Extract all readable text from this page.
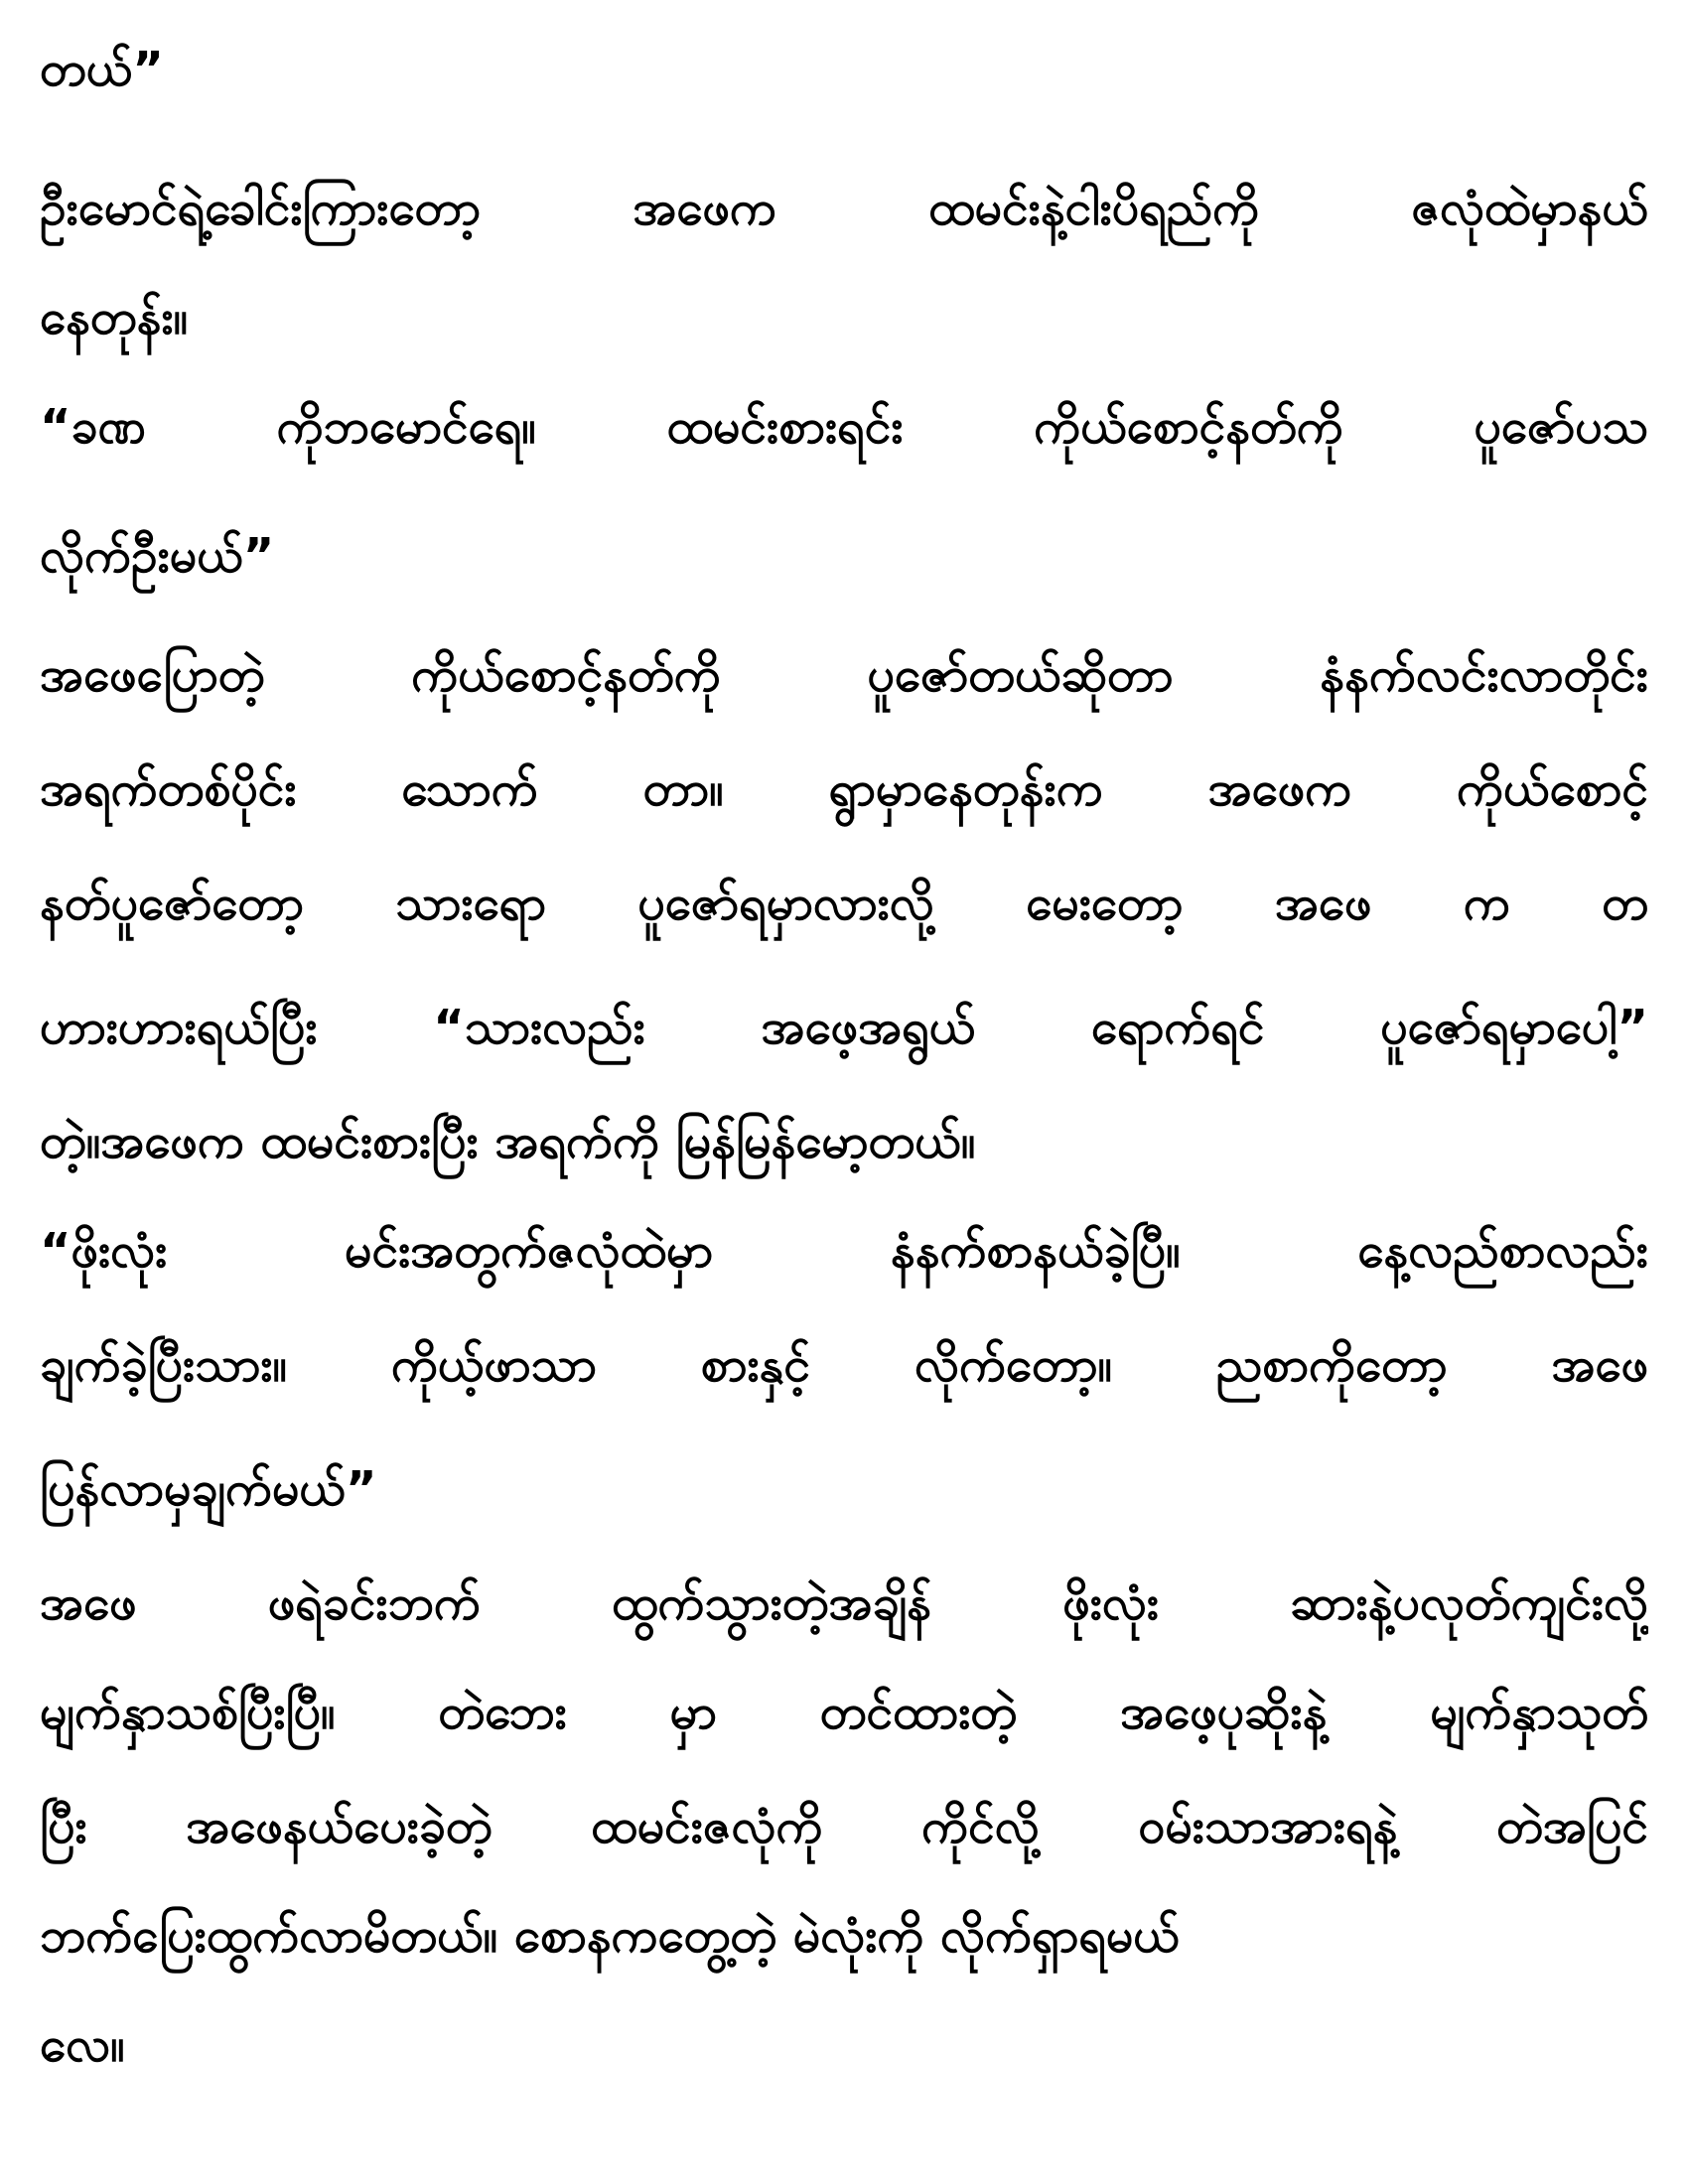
တယ်”
ဦးမောင်ရဲ့ခေါင်းကြားတော့ အဖေက ထမင်းနဲ့ငါးပိရည်ကို ဇလုံထဲမှာနယ်
နေတုန်း။
“ခဏ ကိုဘမောင်ရေ။ ထမင်းစားရင်း ကိုယ်စောင့်နတ်ကို ပူဇော်ပသ
လိုက်ဦးမယ်”
အဖေပြောတဲ့ ကိုယ်စောင့်နတ်ကို ပူဇော်တယ်ဆိုတာ နံနက်လင်းလာတိုင်း
အရက်တစ်ပိုင်း သောက် တာ။ ရွာမှာနေတုန်းက အဖေက ကိုယ်စောင့်
နတ်ပူဇော်တော့ သားရော ပူဇော်ရမှာလားလို့ မေးတော့ အဖေ က တ
ဟားဟားရယ်ပြီး “သားလည်း အဖေ့အရွယ် ရောက်ရင် ပူဇော်ရမှာပေါ့”
တဲ့။အဖေက ထမင်းစားပြီး အရက်ကို မြန်မြန်မော့တယ်။
“ဖိုးလုံး မင်းအတွက်ဇလုံထဲမှာ နံနက်စာနယ်ခဲ့ပြီ။ နေ့လည်စာလည်း
ချက်ခဲ့ပြီးသား။ ကိုယ့်ဖာသာ စားနှင့် လိုက်တော့။ ညစာကိုတော့ အဖေ
ပြန်လာမှချက်မယ်”
အဖေ ဖရဲခင်းဘက် ထွက်သွားတဲ့အချိန် ဖိုးလုံး ဆားနဲ့ပလုတ်ကျင်းလို့
မျက်နှာသစ်ပြီးပြီ။ တဲဘေး မှာ တင်ထားတဲ့ အဖေ့ပုဆိုးနဲ့ မျက်နှာသုတ်
ပြီး အဖေနယ်ပေးခဲ့တဲ့ ထမင်းဇလုံကို ကိုင်လို့ ဝမ်းသာအားရနဲ့ တဲအပြင်
ဘက်ပြေးထွက်လာမိတယ်။ စောနကတွေ့တဲ့ မဲလုံးကို လိုက်ရှာရမယ်
လေ။
